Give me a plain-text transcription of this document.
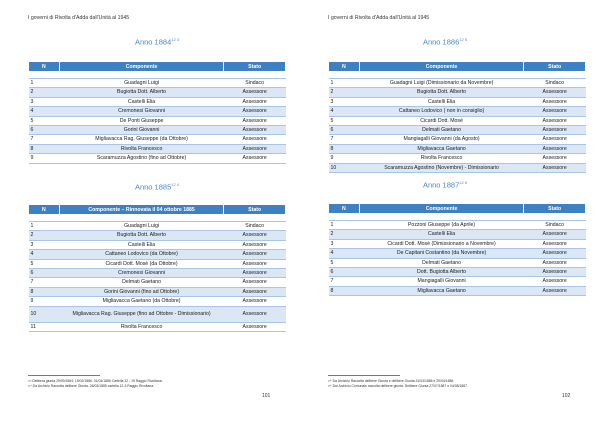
I governi di Rivolta d'Adda dall'Unità al 1945
Anno $1884^{12 3}$
N	Componente	Stato

1	Guadagni Luigi	Sindaco
2	Bugiotta Dott. Alberto	Assessore
3	Castelli Elia	Assessore
4	Cremonesi Giovanni	Assessore
5	De Ponti Giuseppe	Assessore
6	Gorini Giovanni	Assessore
7	Migliavacca Rag. Giuseppe (da Ottobre)	Assessore
8	Rivolta Francesco	Assessore
9	Scaramuzza Agostino (fino ad Ottobre)	Assessore
Anno $1885^{12 4}$
N	Componente – Rinnovata il 04 ottobre 1885	Stato

1	Guadagni Luigi	Sindaco
2	Bugiotta Dott. Alberto	Assessore
3	Castelli Elia	Assessore
4	Cattaneo Lodovico (da Ottobre)	Assessore
5	Cicardi Dott. Mosè (da Ottobre)	Assessore
6	Cremonesi Giovanni	Assessore
7	Delmati Gaetano	Assessore
8	Gorini Giovanni (fino ad Ottobre)	Assessore
9	Migliavacca Gaetano (da Ottobre)	Assessore
10	Migliavacca Rag. Giuseppe (fino ad Ottobre - Dimissionario)	Assessore
11	Rivolta Francesco	Assessore
¹²³ Delibera giunta 29/09/1884; 15/02/1886. 01/04/1886 Cartella 12 - 19 Raggio Rivoltana.
¹²⁴ Da Archivio Raccolta delibere Giunta. 26/03/1885 cartella 12-3 Raggio Rivoltana.
101
I governi di Rivolta d'Adda dall'Unità al 1945
Anno $1886^{12 5}$
N	Componente	Stato

1	Guadagni Luigi (Dimissionario da Novembre)	Sindaco
2	Bugiotta Dott. Alberto	Assessore
3	Castelli Elia	Assessore
4	Cattaneo Lodovico ( non in consiglio)	Assessore
5	Cicardi Dott. Mosè	Assessore
6	Delmati Gaetano	Assessore
7	Mangiagalli Giovanni (da Agosto)	Assessore
8	Migliavacca Gaetano	Assessore
9	Rivolta Francesco	Assessore
10	Scaramuzza Agostino (Novembre) - Dimissionario	Assessore
Anno $1887^{12 6}$
N	Componente	Stato

1	Pozzoni Giuseppe (da Aprile)	Sindaco
2	Castelli Elia	Assessore
3	Cicardi Dott. Mosè (Dimissionario a Novembre)	Assessore
4	De Capitani Costantino (da Novembre)	Assessore
5	Delmati Gaetano	Assessore
6	Dott. Bugiotta Alberto	Assessore
7	Mangiagalli Giovanni	Assessore
8	Migliavacca Gaetano	Assessore
¹²⁵ Da Archivio Raccolta delibere Giunta e delibere Giunta 31/03/1886 e 29/04/1886.
¹²⁶ Dai Archivio Comunale raccolta delibere giunta. Delibere Giunta 27/07/1887 e 04/08/1887.
102
